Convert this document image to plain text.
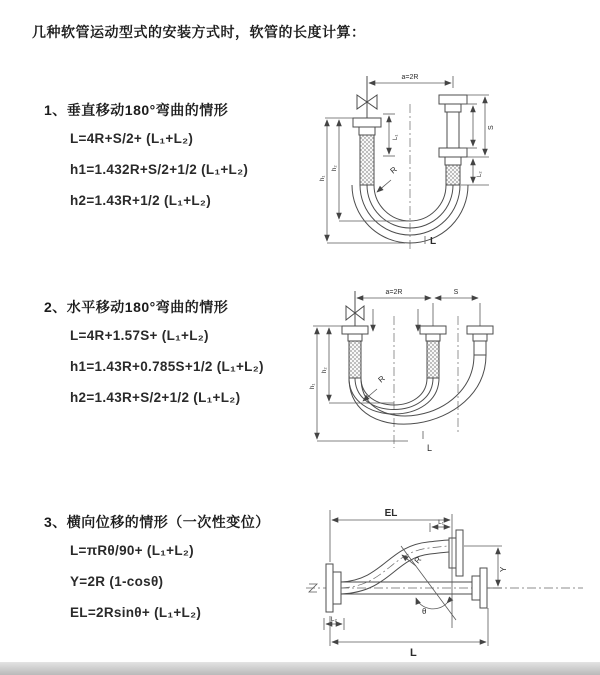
几种软管运动型式的安装方式时，软管的长度计算：
1、垂直移动180°弯曲的情形
L=4R+S/2+ (L₁+L₂)
h1=1.432R+S/2+1/2 (L₁+L₂)
h2=1.43R+1/2 (L₁+L₂)
R
a=2R
L₁
h₁
h₂
S
L₂
L
2、水平移动180°弯曲的情形
L=4R+1.57S+ (L₁+L₂)
h1=1.43R+0.785S+1/2 (L₁+L₂)
h2=1.43R+S/2+1/2 (L₁+L₂)
a=2R	S
h₁
h₂
R
L
3、横向位移的情形（一次性变位）
L=πRθ/90+ (L₁+L₂)
Y=2R (1-cosθ)
EL=2Rsinθ+ (L₁+L₂)	θ
R
EL
L₁
Y
L₂
L
